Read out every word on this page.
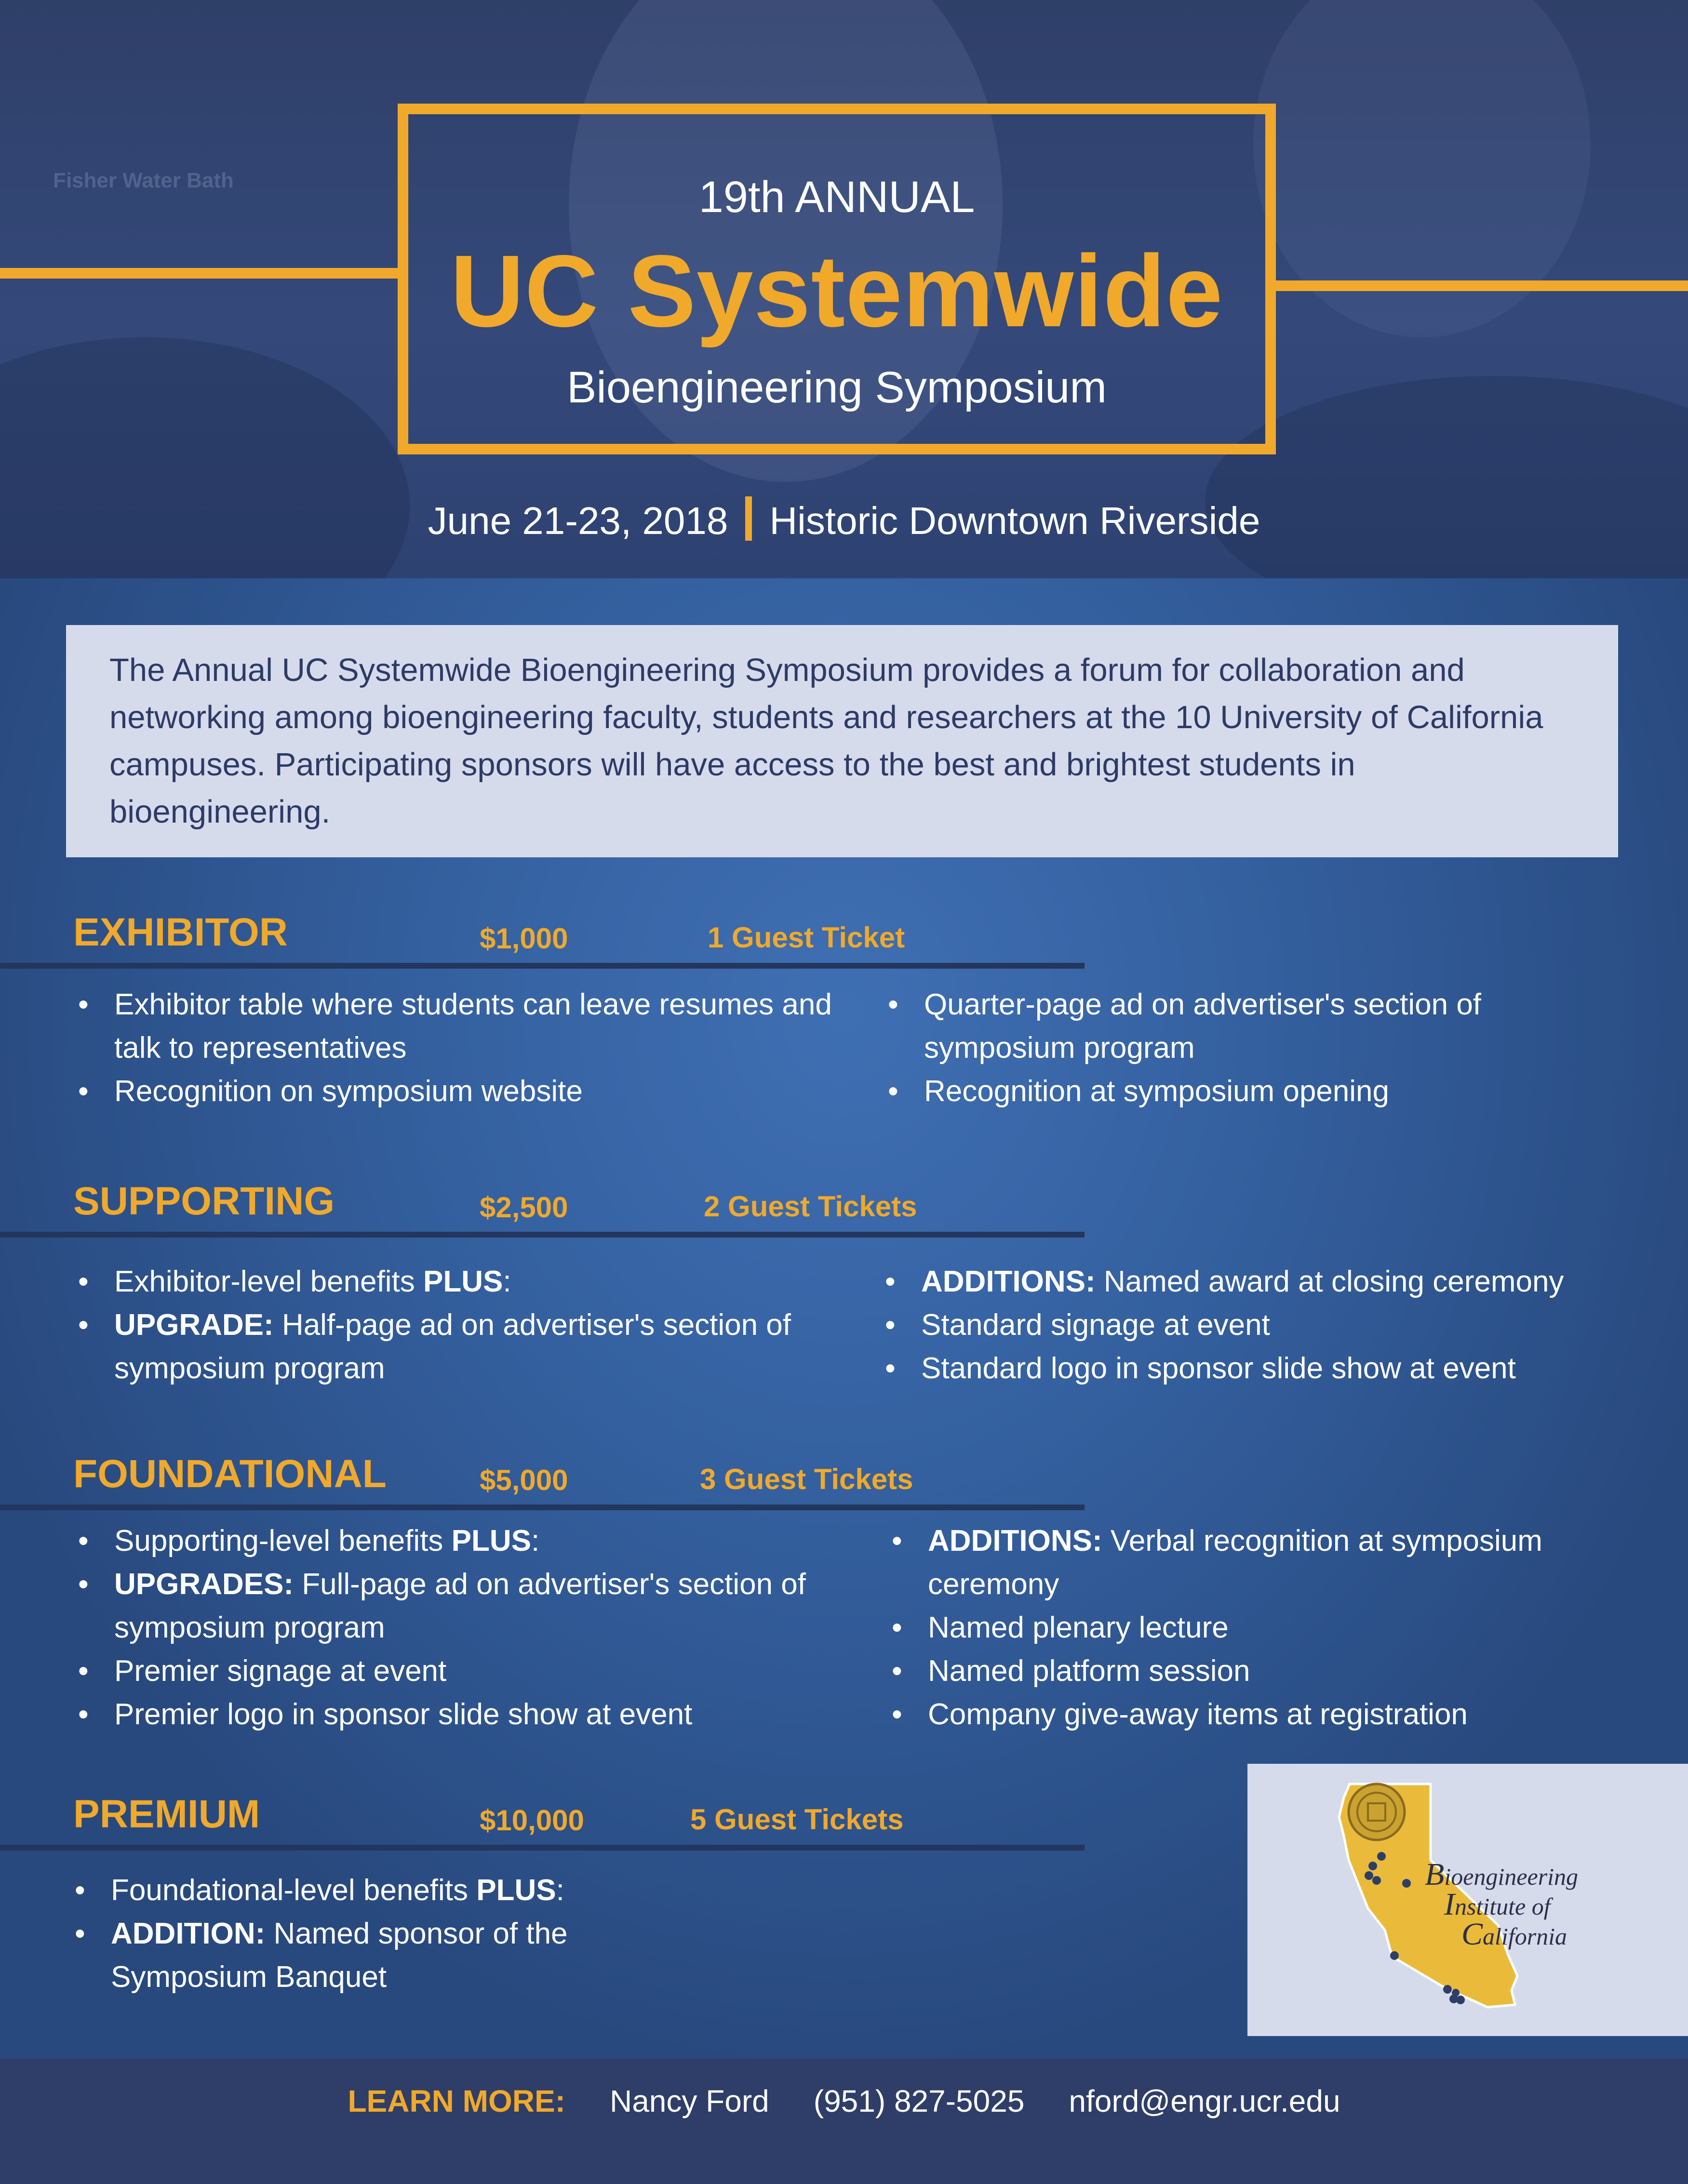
Fisher Water Bath	19th ANNUAL
UC Systemwide
Bioengineering Symposium
June 21-23, 2018 Historic Downtown Riverside
The Annual UC Systemwide Bioengineering Symposium provides a forum for collaboration and networking among bioengineering faculty, students and researchers at the 10 University of California campuses. Participating sponsors will have access to the best and brightest students in bioengineering.
EXHIBITOR	$1,000	1 Guest Ticket
• Exhibitor table where students can leave resumes and talk to representatives
• Recognition on symposium website
• Quarter-page ad on advertiser's section of symposium program
• Recognition at symposium opening
SUPPORTING	$2,500	2 Guest Tickets
• Exhibitor-level benefits PLUS:
• UPGRADE: Half-page ad on advertiser's section of symposium program
• ADDITIONS: Named award at closing ceremony
• Standard signage at event
• Standard logo in sponsor slide show at event
FOUNDATIONAL	$5,000	3 Guest Tickets
• Supporting-level benefits PLUS:
• UPGRADES: Full-page ad on advertiser's section of symposium program
• Premier signage at event
• Premier logo in sponsor slide show at event
• ADDITIONS: Verbal recognition at symposium ceremony
• Named plenary lecture
• Named platform session
• Company give-away items at registration
PREMIUM	$10,000	5 Guest Tickets
• Foundational-level benefits PLUS:
• ADDITION: Named sponsor of the Symposium Banquet
Bioengineering
Institute of
California
LEARN MORE: Nancy Ford (951) 827-5025 nford@engr.ucr.edu
